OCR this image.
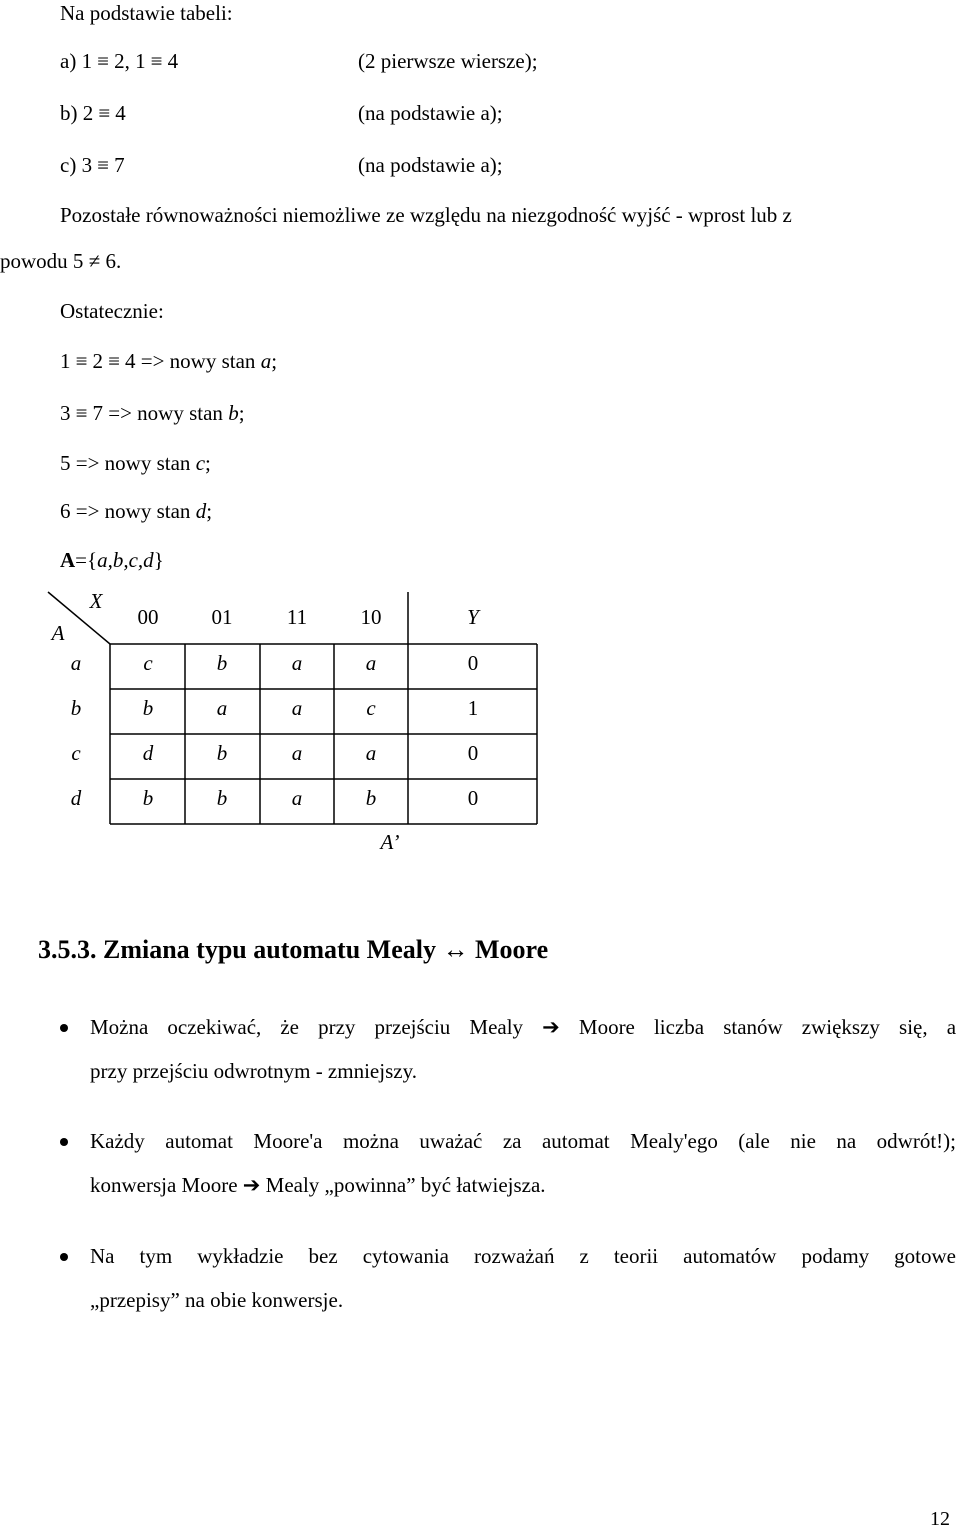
Na podstawie tabeli:
a) 1 ≡ 2, 1 ≡ 4	(2 pierwsze wiersze);
b) 2 ≡ 4	(na podstawie a);
c) 3 ≡ 7	(na podstawie a);
Pozostałe równoważności niemożliwe ze względu na niezgodność wyjść - wprost lub z
powodu 5 ≠ 6.
Ostatecznie:
1 ≡ 2 ≡ 4 => nowy stan a;
3 ≡ 7 => nowy stan b;
5 => nowy stan c;
6 => nowy stan d;
A={a,b,c,d}
X
A
00	01	11	10	Y
a	c	b	a	a	0
b	b	a	a	c	1
c	d	b	a	a	0
d	b	b	a	b	0
A’
3.5.3. Zmiana typu automatu Mealy ↔ Moore
Można oczekiwać, że przy przejściu Mealy ➔ Moore liczba stanów zwiększy się, a
przy przejściu odwrotnym - zmniejszy.
Każdy automat Moore'a można uważać za automat Mealy'ego (ale nie na odwrót!);
konwersja Moore ➔ Mealy „powinna” być łatwiejsza.
Na tym wykładzie bez cytowania rozważań z teorii automatów podamy gotowe
„przepisy” na obie konwersje.
12
